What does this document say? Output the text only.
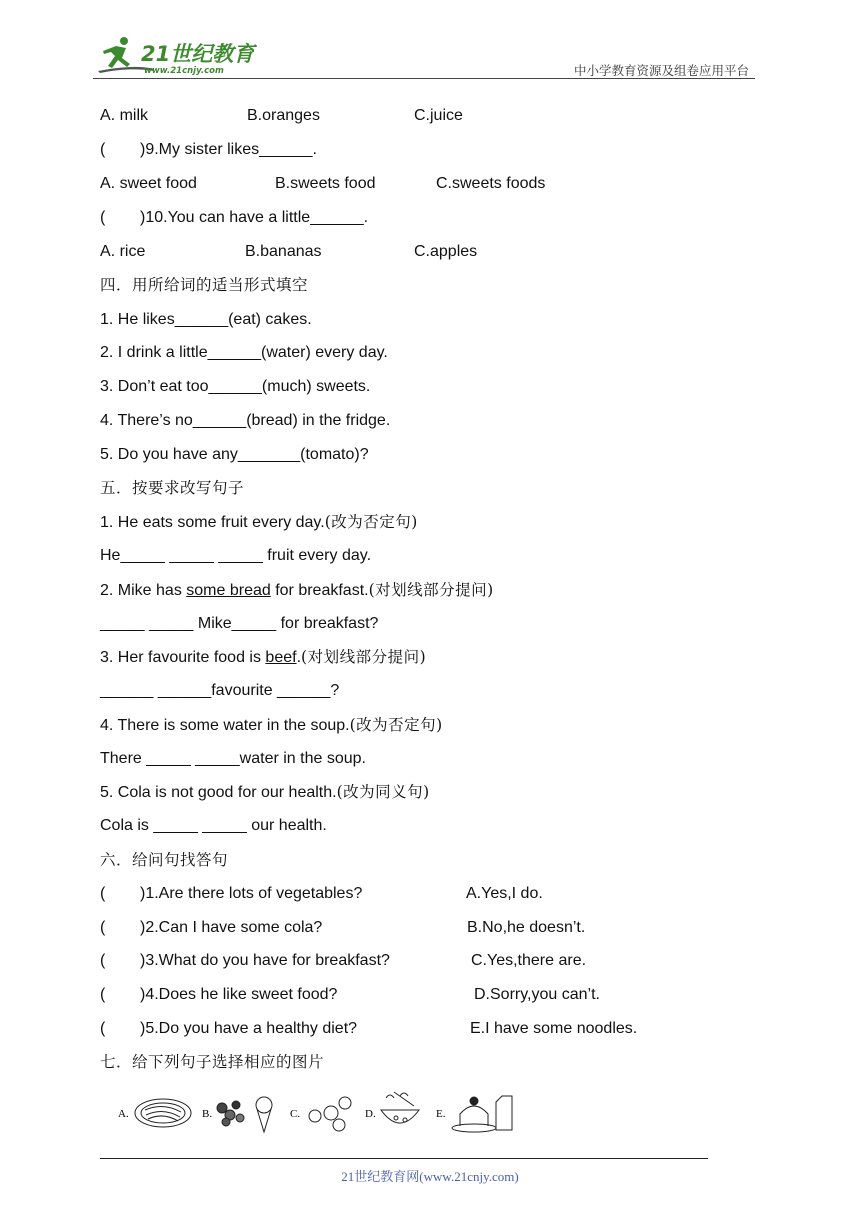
21世纪教育
www.21cnjy.com	中小学教育资源及组卷应用平台
A. milk	B.oranges	C.juice
( )9.My sister likes______.
A. sweet food	B.sweets food	C.sweets foods
( )10.You can have a little______.
A. rice	B.bananas	C.apples
四．用所给词的适当形式填空
1. He likes______(eat) cakes.
2. I drink a little______(water) every day.
3. Don’t eat too______(much) sweets.
4. There’s no______(bread) in the fridge.
5. Do you have any_______(tomato)?
五．按要求改写句子
1. He eats some fruit every day.(改为否定句)
He_____ _____ _____ fruit every day.
2. Mike has some bread for breakfast.(对划线部分提问)
_____ _____ Mike_____ for breakfast?
3. Her favourite food is beef.(对划线部分提问)
______ ______favourite ______?
4. There is some water in the soup.(改为否定句)
There _____ _____water in the soup.
5. Cola is not good for our health.(改为同义句)
Cola is _____ _____ our health.
六．给问句找答句
( )1.Are there lots of vegetables?	A.Yes,I do.
( )2.Can I have some cola?	B.No,he doesn’t.
( )3.What do you have for breakfast?	C.Yes,there are.
( )4.Does he like sweet food?	D.Sorry,you can’t.
( )5.Do you have a healthy diet?	E.I have some noodles.
七．给下列句子选择相应的图片
A.	B.	C.	D.	E.
21世纪教育网(www.21cnjy.com)
